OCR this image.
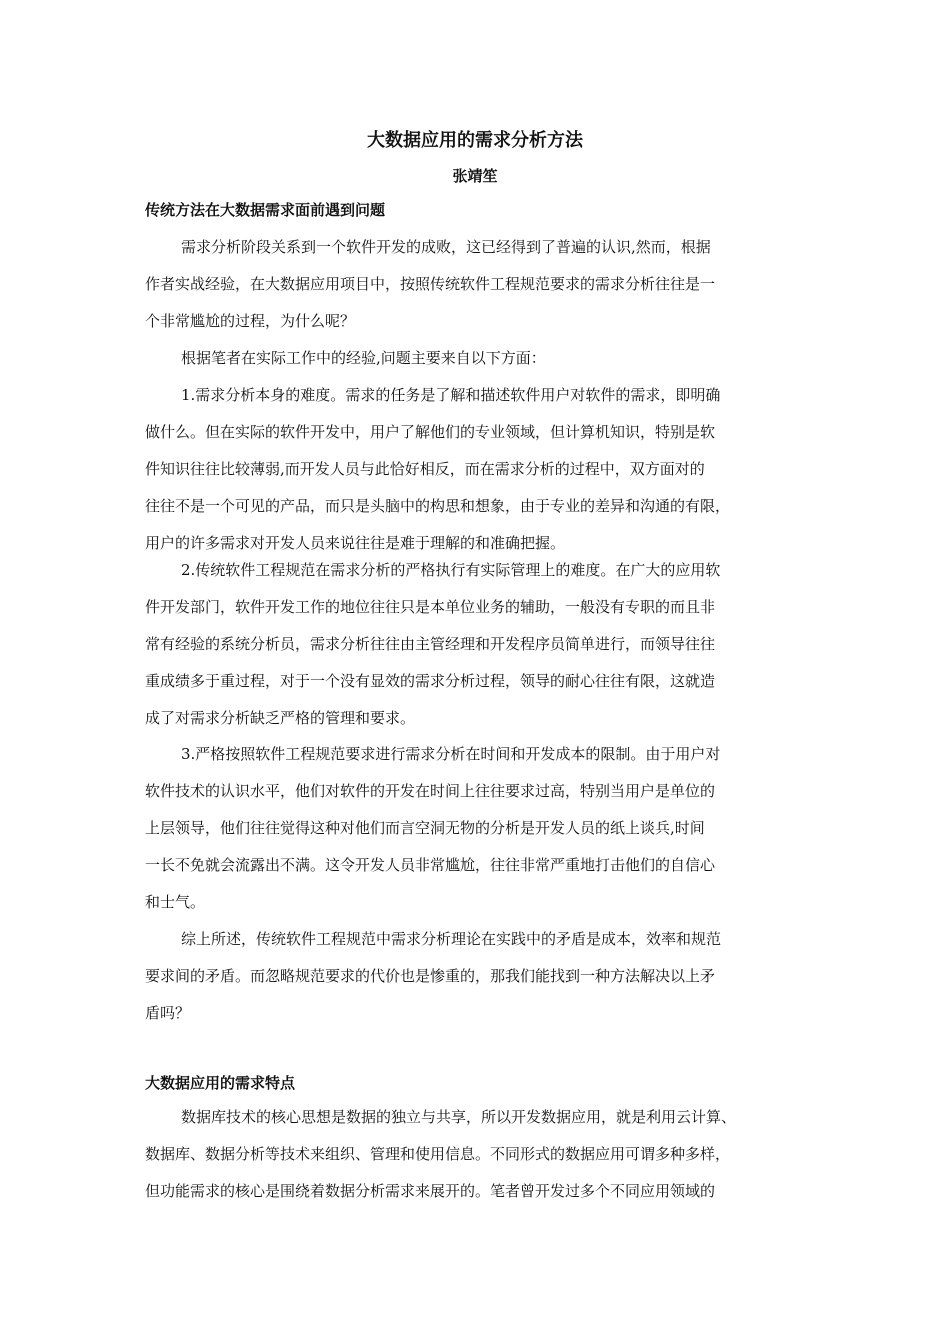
大数据应用的需求分析方法
张靖笙
传统方法在大数据需求面前遇到问题
需求分析阶段关系到一个软件开发的成败，这已经得到了普遍的认识,然而，根据
作者实战经验，在大数据应用项目中，按照传统软件工程规范要求的需求分析往往是一
个非常尴尬的过程，为什么呢？
根据笔者在实际工作中的经验,问题主要来自以下方面：
1.需求分析本身的难度。需求的任务是了解和描述软件用户对软件的需求，即明确
做什么。但在实际的软件开发中，用户了解他们的专业领域，但计算机知识，特别是软
件知识往往比较薄弱,而开发人员与此恰好相反，而在需求分析的过程中，双方面对的
往往不是一个可见的产品，而只是头脑中的构思和想象，由于专业的差异和沟通的有限，
用户的许多需求对开发人员来说往往是难于理解的和准确把握。
2.传统软件工程规范在需求分析的严格执行有实际管理上的难度。在广大的应用软
件开发部门，软件开发工作的地位往往只是本单位业务的辅助，一般没有专职的而且非
常有经验的系统分析员，需求分析往往由主管经理和开发程序员简单进行，而领导往往
重成绩多于重过程，对于一个没有显效的需求分析过程，领导的耐心往往有限，这就造
成了对需求分析缺乏严格的管理和要求。
3.严格按照软件工程规范要求进行需求分析在时间和开发成本的限制。由于用户对
软件技术的认识水平，他们对软件的开发在时间上往往要求过高，特别当用户是单位的
上层领导，他们往往觉得这种对他们而言空洞无物的分析是开发人员的纸上谈兵,时间
一长不免就会流露出不满。这令开发人员非常尴尬，往往非常严重地打击他们的自信心
和士气。
综上所述，传统软件工程规范中需求分析理论在实践中的矛盾是成本，效率和规范
要求间的矛盾。而忽略规范要求的代价也是惨重的，那我们能找到一种方法解决以上矛
盾吗？
大数据应用的需求特点
数据库技术的核心思想是数据的独立与共享，所以开发数据应用，就是利用云计算、
数据库、数据分析等技术来组织、管理和使用信息。不同形式的数据应用可谓多种多样，
但功能需求的核心是围绕着数据分析需求来展开的。笔者曾开发过多个不同应用领域的
